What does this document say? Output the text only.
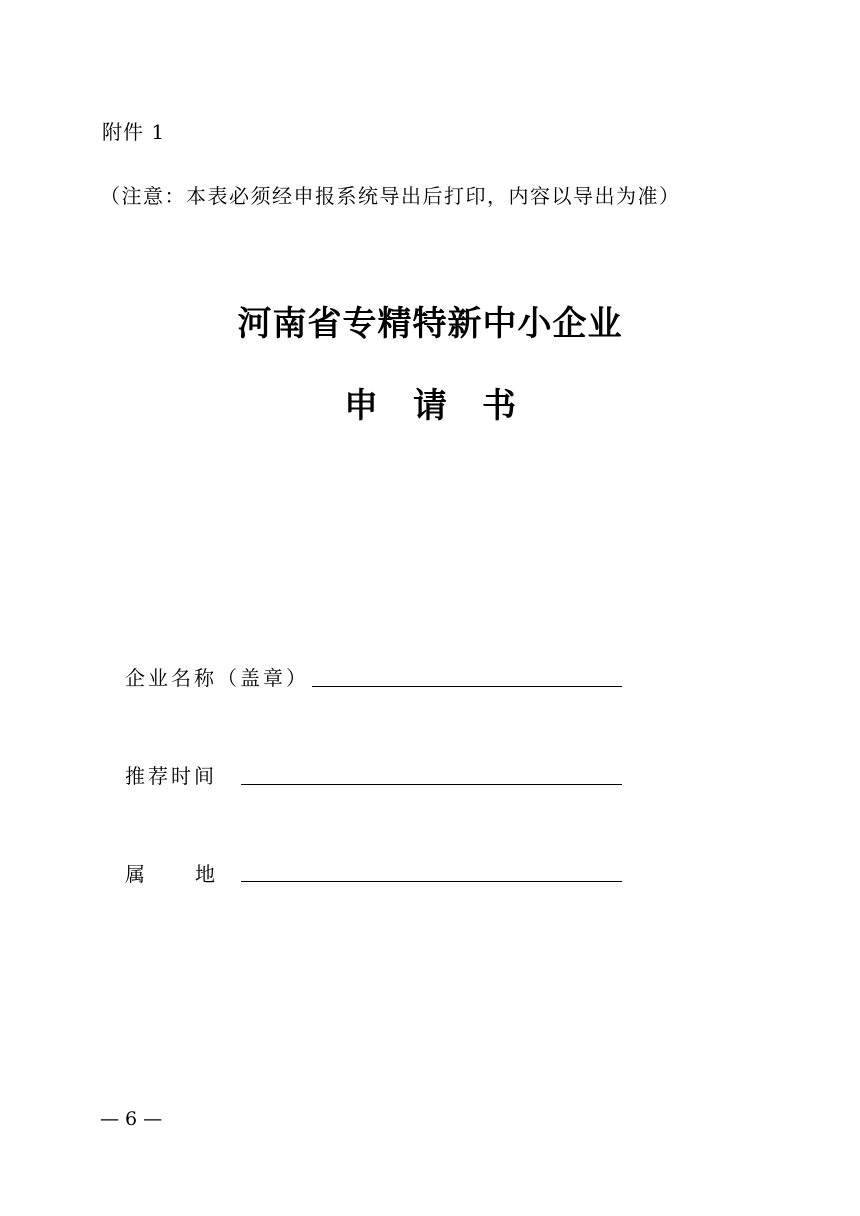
附件 1
（注意：本表必须经申报系统导出后打印，内容以导出为准）
河南省专精特新中小企业
申请书
企业名称（盖章）
推荐时间
属 地
— 6 —
